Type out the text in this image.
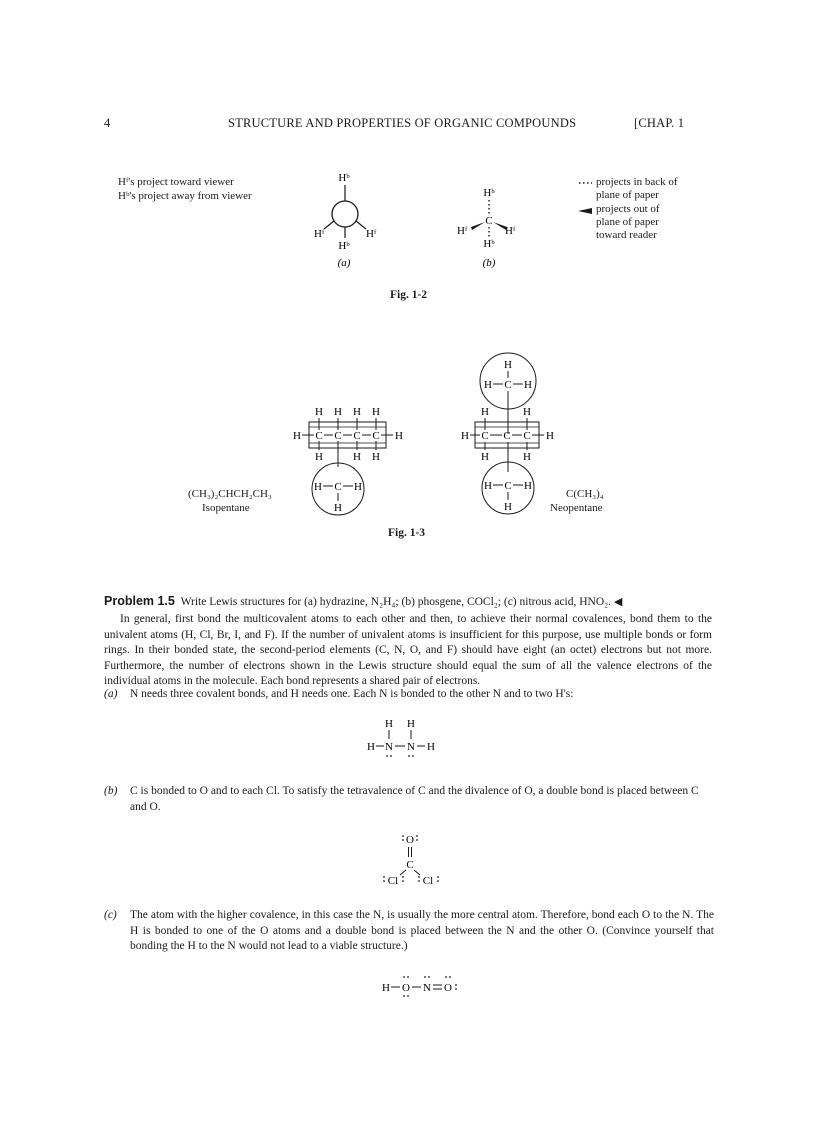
4	STRUCTURE AND PROPERTIES OF ORGANIC COMPOUNDS	[CHAP. 1
Hᶠ's project toward viewer
Hᵇ's project away from viewer
Hᵇ
Hᶠ	Hᶠ
Hᵇ
(a)
Hᵇ
C
Hᶠ	Hᶠ
Hᵇ
(b)
projects in back of
plane of paper
projects out of
plane of paper
toward reader
Fig. 1-2
H H H H
H C C C C H
H	H H
H C H
H
(CH₃)₂CHCH₂CH₃
Isopentane
H
H C H
H	H
H C C C H
H	H
H C H
H
C(CH₃)₄
Neopentane
Fig. 1-3
Problem 1.5 Write Lewis structures for (a) hydrazine, N₂H₄; (b) phosgene, COCl₂; (c) nitrous acid, HNO₂. ◀
In general, first bond the multicovalent atoms to each other and then, to achieve their normal covalences, bond them to the univalent atoms (H, Cl, Br, I, and F). If the number of univalent atoms is insufficient for this purpose, use multiple bonds or form rings. In their bonded state, the second-period elements (C, N, O, and F) should have eight (an octet) electrons but not more. Furthermore, the number of electrons shown in the Lewis structure should equal the sum of all the valence electrons of the individual atoms in the molecule. Each bond represents a shared pair of electrons.
(a) N needs three covalent bonds, and H needs one. Each N is bonded to the other N and to two H's:
H H
H N N H
(b) C is bonded to O and to each Cl. To satisfy the tetravalence of C and the divalence of O, a double bond is placed between C and O.
O
C
Cl Cl
(c) The atom with the higher covalence, in this case the N, is usually the more central atom. Therefore, bond each O to the N. The H is bonded to one of the O atoms and a double bond is placed between the N and the other O. (Convince yourself that bonding the H to the N would not lead to a viable structure.)
H O N O
